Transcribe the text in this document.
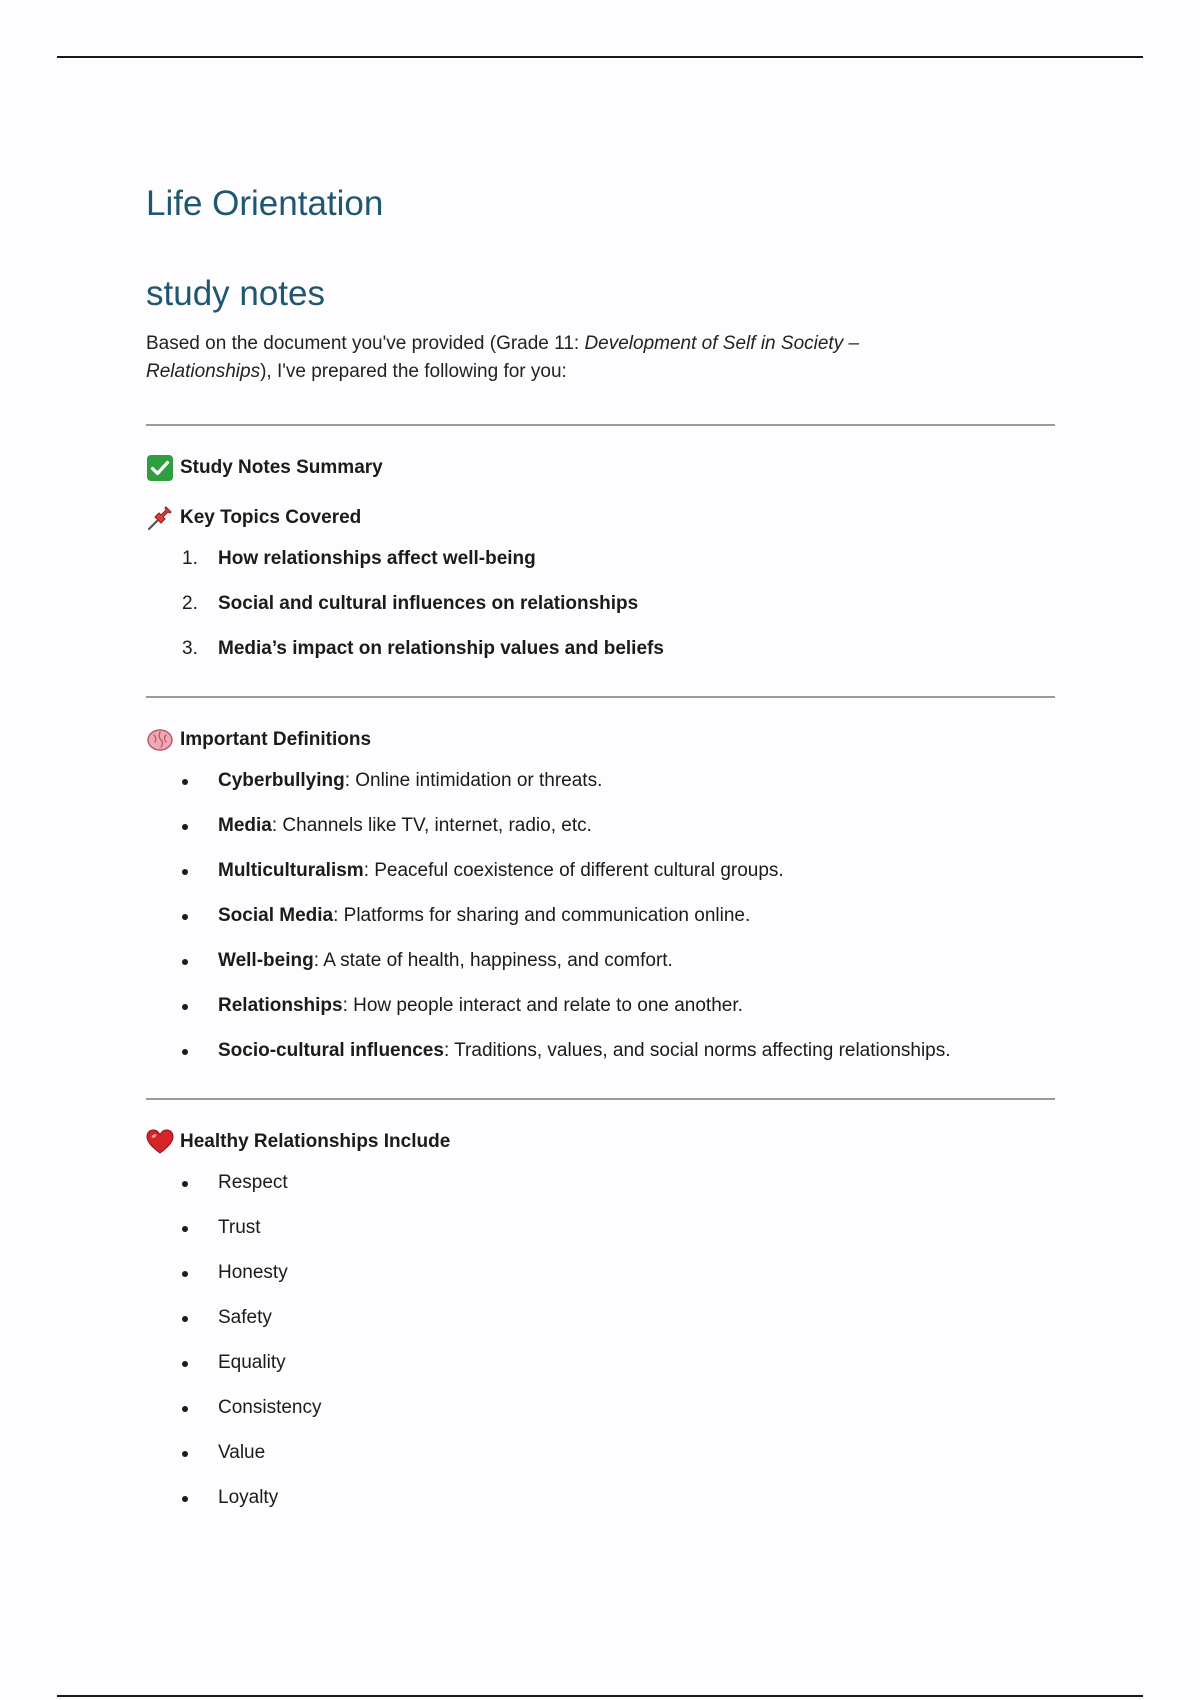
Life Orientation
study notes

Based on the document you've provided (Grade 11: Development of Self in Society –
Relationships), I've prepared the following for you:

Study Notes Summary
Key Topics Covered
1. How relationships affect well-being
2. Social and cultural influences on relationships
3. Media’s impact on relationship values and beliefs
Important Definitions
Cyberbullying: Online intimidation or threats.
Media: Channels like TV, internet, radio, etc.
Multiculturalism: Peaceful coexistence of different cultural groups.
Social Media: Platforms for sharing and communication online.
Well-being: A state of health, happiness, and comfort.
Relationships: How people interact and relate to one another.
Socio-cultural influences: Traditions, values, and social norms affecting relationships.
Healthy Relationships Include
Respect
Trust
Honesty
Safety
Equality
Consistency
Value
Loyalty
